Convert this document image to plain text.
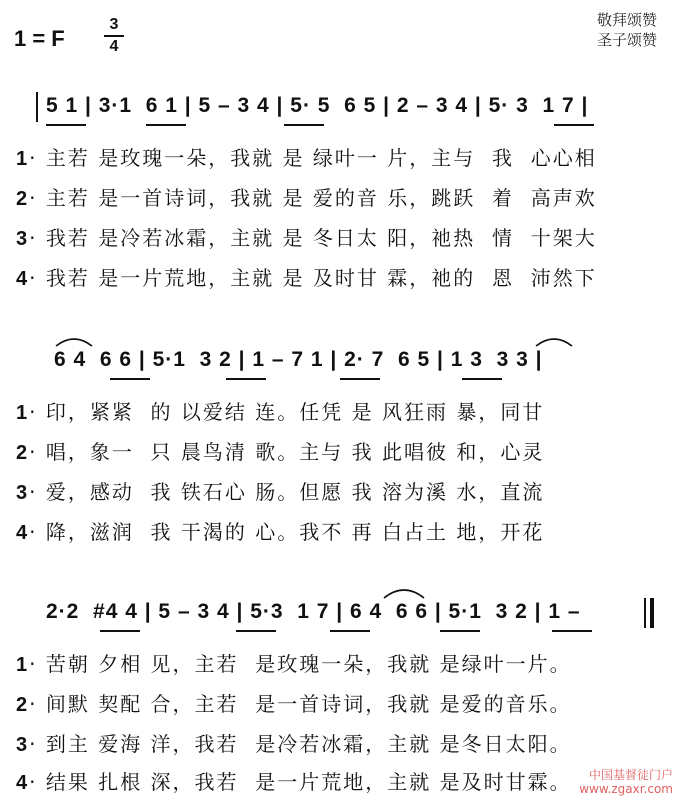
1 = F
3
4
敬拜颂赞
圣子颂赞
5 1 | 3·1  6 1 | 5 – 3 4 | 5· 5  6 5 | 2 – 3 4 | 5· 3  1 7 |
1· 主若 是玫瑰一朵，我就 是 绿叶一 片，主与  我  心心相
2· 主若 是一首诗词，我就 是 爱的音 乐，跳跃  着  高声欢
3· 我若 是冷若冰霜，主就 是 冬日太 阳，祂热  情  十架大
4· 我若 是一片荒地，主就 是 及时甘 霖，祂的  恩  沛然下
6 4  6 6 | 5·1  3 2 | 1 – 7 1 | 2· 7  6 5 | 1 3  3 3 |
1· 印，紧紧  的 以爱结 连。任凭 是 风狂雨 暴，同甘
2· 唱，象一  只 晨鸟清 歌。主与 我 此唱彼 和，心灵
3· 爱，感动  我 铁石心 肠。但愿 我 溶为溪 水，直流
4· 降，滋润  我 干渴的 心。我不 再 白占土 地，开花
2·2  #4 4 | 5 – 3 4 | 5·3  1 7 | 6 4  6 6 | 5·1  3 2 | 1 –
1· 苦朝 夕相 见，主若  是玫瑰一朵，我就 是绿叶一片。
2· 间默 契配 合，主若  是一首诗词，我就 是爱的音乐。
3· 到主 爱海 洋，我若  是冷若冰霜，主就 是冬日太阳。
4· 结果 扎根 深，我若  是一片荒地，主就 是及时甘霖。	中国基督徒门户
www.zgaxr.com
